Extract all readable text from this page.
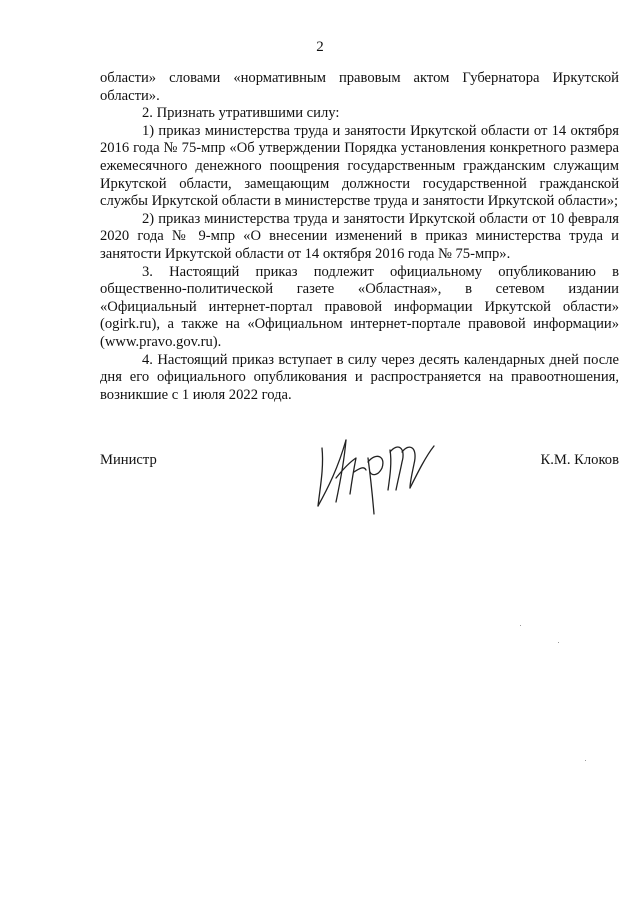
2

области» словами «нормативным правовым актом Губернатора Иркутской области».

2. Признать утратившими силу:

1) приказ министерства труда и занятости Иркутской области от 14 октября 2016 года № 75-мпр «Об утверждении Порядка установления конкретного размера ежемесячного денежного поощрения государственным гражданским служащим Иркутской области, замещающим должности государственной гражданской службы Иркутской области в министерстве труда и занятости Иркутской области»;

2) приказ министерства труда и занятости Иркутской области от 10 февраля 2020 года № 9-мпр «О внесении изменений в приказ министерства труда и занятости Иркутской области от 14 октября 2016 года № 75-мпр».

3. Настоящий приказ подлежит официальному опубликованию в общественно-политической газете «Областная», в сетевом издании «Официальный интернет-портал правовой информации Иркутской области» (ogirk.ru), а также на «Официальном интернет-портале правовой информации» (www.pravo.gov.ru).

4. Настоящий приказ вступает в силу через десять календарных дней после дня его официального опубликования и распространяется на правоотношения, возникшие с 1 июля 2022 года.

Министр	К.М. Клоков
